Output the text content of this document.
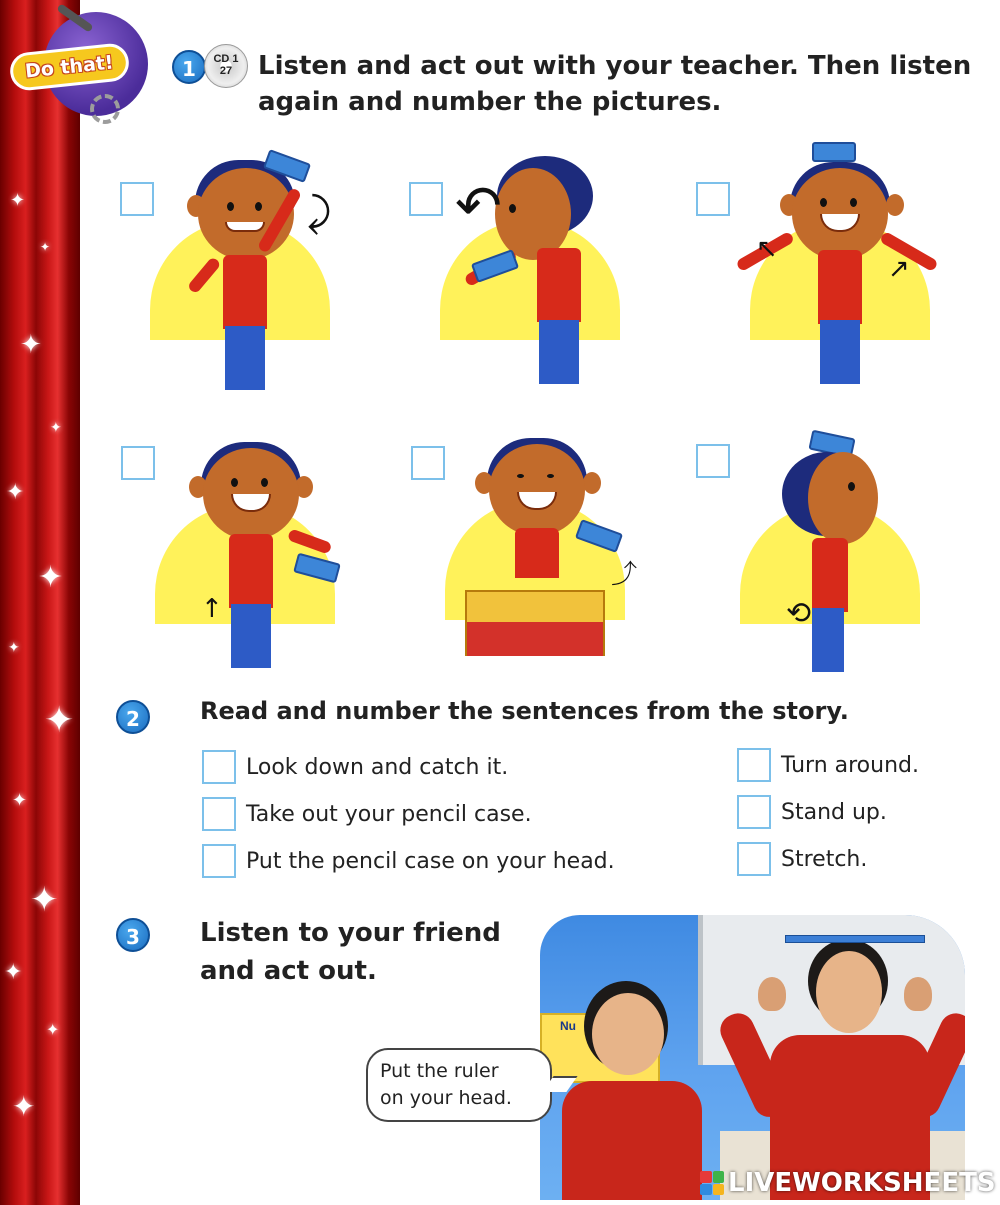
✦
✦
✦
✦
✦
✦
✦
✦
✦
✦
✦
✦
✦
Do that!	1	CD 1
27 Listen and act out with your teacher. Then listen
again and number the pictures.
⤸ ↶
↖
↗
↑
⤴
⟲
2	Read and number the sentences from the story.
Look down and catch it.
Take out your pencil case.
Put the pencil case on your head.
Turn around.
Stand up.
Stretch.
3	Listen to your friend
and act out.
Nu
Put the ruler
on your head.
LIVEWORKSHEETS
